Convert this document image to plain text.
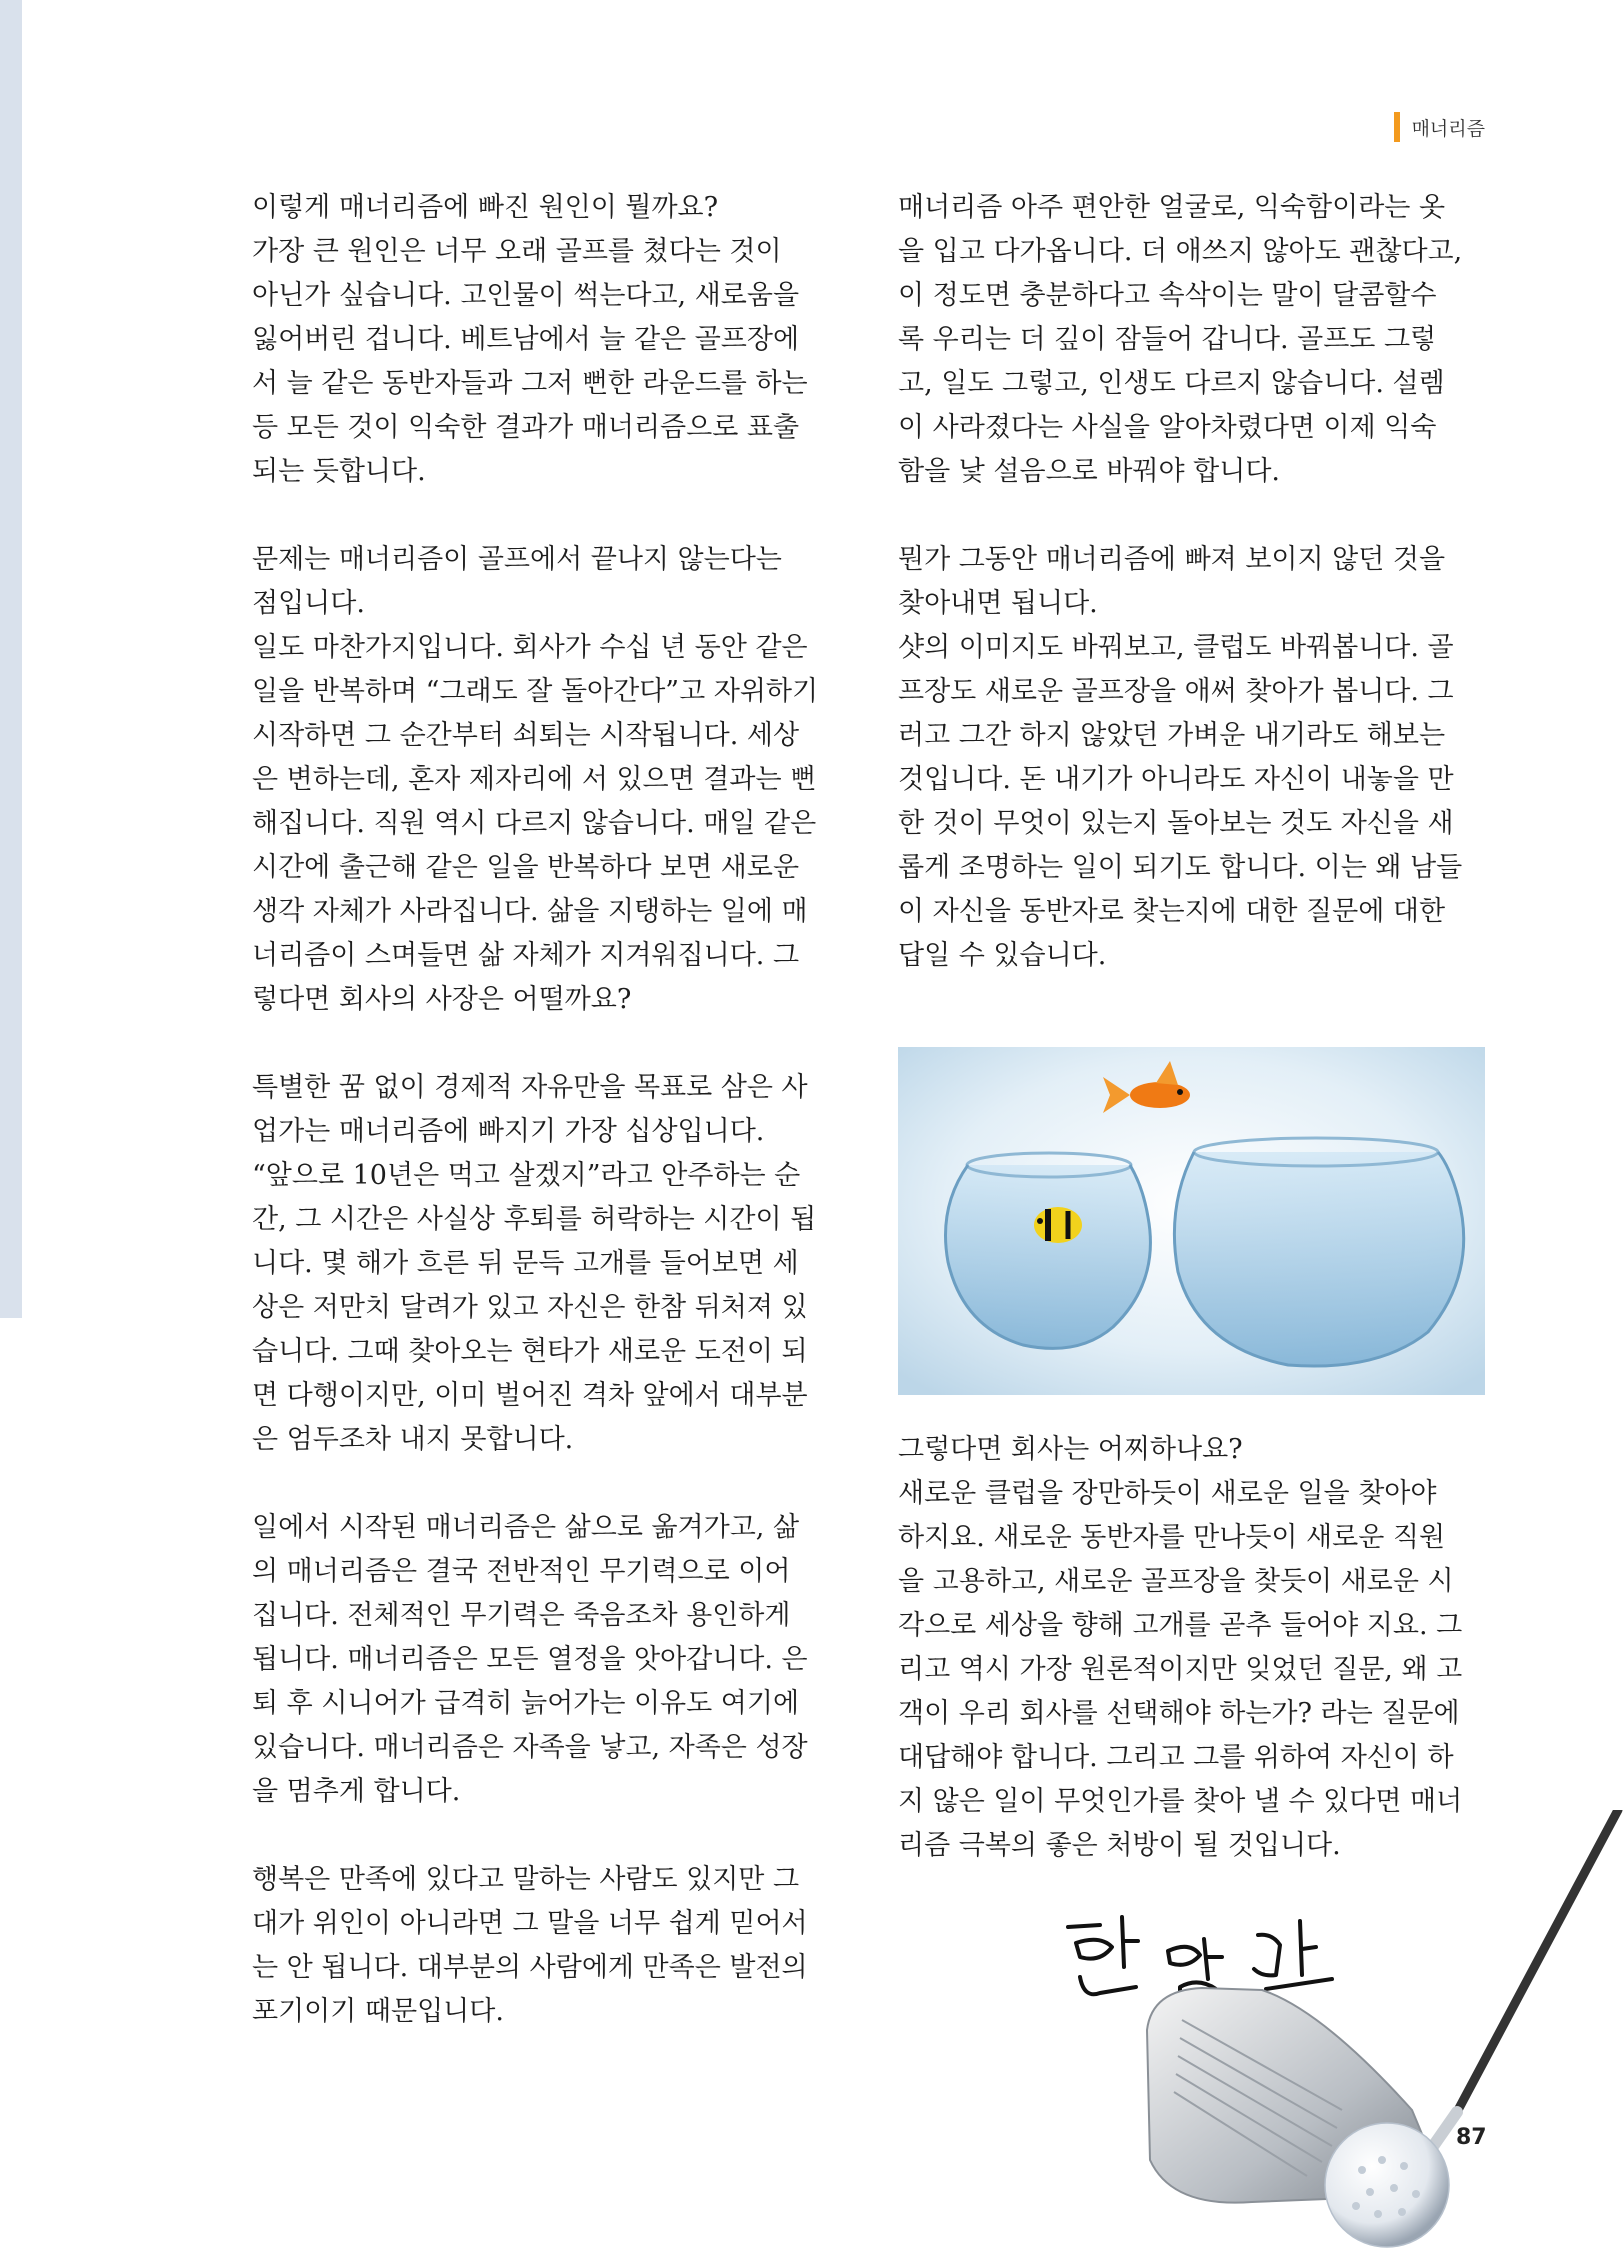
매너리즘

이렇게 매너리즘에 빠진 원인이 뭘까요?
가장 큰 원인은 너무 오래 골프를 쳤다는 것이
아닌가 싶습니다. 고인물이 썩는다고, 새로움을
잃어버린 겁니다. 베트남에서 늘 같은 골프장에
서 늘 같은 동반자들과 그저 뻔한 라운드를 하는
등 모든 것이 익숙한 결과가 매너리즘으로 표출
되는 듯합니다.

문제는 매너리즘이 골프에서 끝나지 않는다는
점입니다.
일도 마찬가지입니다. 회사가 수십 년 동안 같은
일을 반복하며 “그래도 잘 돌아간다”고 자위하기
시작하면 그 순간부터 쇠퇴는 시작됩니다. 세상
은 변하는데, 혼자 제자리에 서 있으면 결과는 뻔
해집니다. 직원 역시 다르지 않습니다. 매일 같은
시간에 출근해 같은 일을 반복하다 보면 새로운
생각 자체가 사라집니다. 삶을 지탱하는 일에 매
너리즘이 스며들면 삶 자체가 지겨워집니다. 그
렇다면 회사의 사장은 어떨까요?

특별한 꿈 없이 경제적 자유만을 목표로 삼은 사
업가는 매너리즘에 빠지기 가장 십상입니다.
“앞으로 10년은 먹고 살겠지”라고 안주하는 순
간, 그 시간은 사실상 후퇴를 허락하는 시간이 됩
니다. 몇 해가 흐른 뒤 문득 고개를 들어보면 세
상은 저만치 달려가 있고 자신은 한참 뒤처져 있
습니다. 그때 찾아오는 현타가 새로운 도전이 되
면 다행이지만, 이미 벌어진 격차 앞에서 대부분
은 엄두조차 내지 못합니다.

일에서 시작된 매너리즘은 삶으로 옮겨가고, 삶
의 매너리즘은 결국 전반적인 무기력으로 이어
집니다. 전체적인 무기력은 죽음조차 용인하게
됩니다. 매너리즘은 모든 열정을 앗아갑니다. 은
퇴 후 시니어가 급격히 늙어가는 이유도 여기에
있습니다. 매너리즘은 자족을 낳고, 자족은 성장
을 멈추게 합니다.

행복은 만족에 있다고 말하는 사람도 있지만 그
대가 위인이 아니라면 그 말을 너무 쉽게 믿어서
는 안 됩니다. 대부분의 사람에게 만족은 발전의
포기이기 때문입니다.

매너리즘 아주 편안한 얼굴로, 익숙함이라는 옷
을 입고 다가옵니다. 더 애쓰지 않아도 괜찮다고,
이 정도면 충분하다고 속삭이는 말이 달콤할수
록 우리는 더 깊이 잠들어 갑니다. 골프도 그렇
고, 일도 그렇고, 인생도 다르지 않습니다. 설렘
이 사라졌다는 사실을 알아차렸다면 이제 익숙
함을 낯 설음으로 바꿔야 합니다.

뭔가 그동안 매너리즘에 빠져 보이지 않던 것을
찾아내면 됩니다.
샷의 이미지도 바꿔보고, 클럽도 바꿔봅니다. 골
프장도 새로운 골프장을 애써 찾아가 봅니다. 그
러고 그간 하지 않았던 가벼운 내기라도 해보는
것입니다. 돈 내기가 아니라도 자신이 내놓을 만
한 것이 무엇이 있는지 돌아보는 것도 자신을 새
롭게 조명하는 일이 되기도 합니다. 이는 왜 남들
이 자신을 동반자로 찾는지에 대한 질문에 대한
답일 수 있습니다.

그렇다면 회사는 어찌하나요?
새로운 클럽을 장만하듯이 새로운 일을 찾아야
하지요. 새로운 동반자를 만나듯이 새로운 직원
을 고용하고, 새로운 골프장을 찾듯이 새로운 시
각으로 세상을 향해 고개를 곧추 들어야 지요. 그
리고 역시 가장 원론적이지만 잊었던 질문, 왜 고
객이 우리 회사를 선택해야 하는가? 라는 질문에
대답해야 합니다. 그리고 그를 위하여 자신이 하
지 않은 일이 무엇인가를 찾아 낼 수 있다면 매너
리즘 극복의 좋은 처방이 될 것입니다.

87
